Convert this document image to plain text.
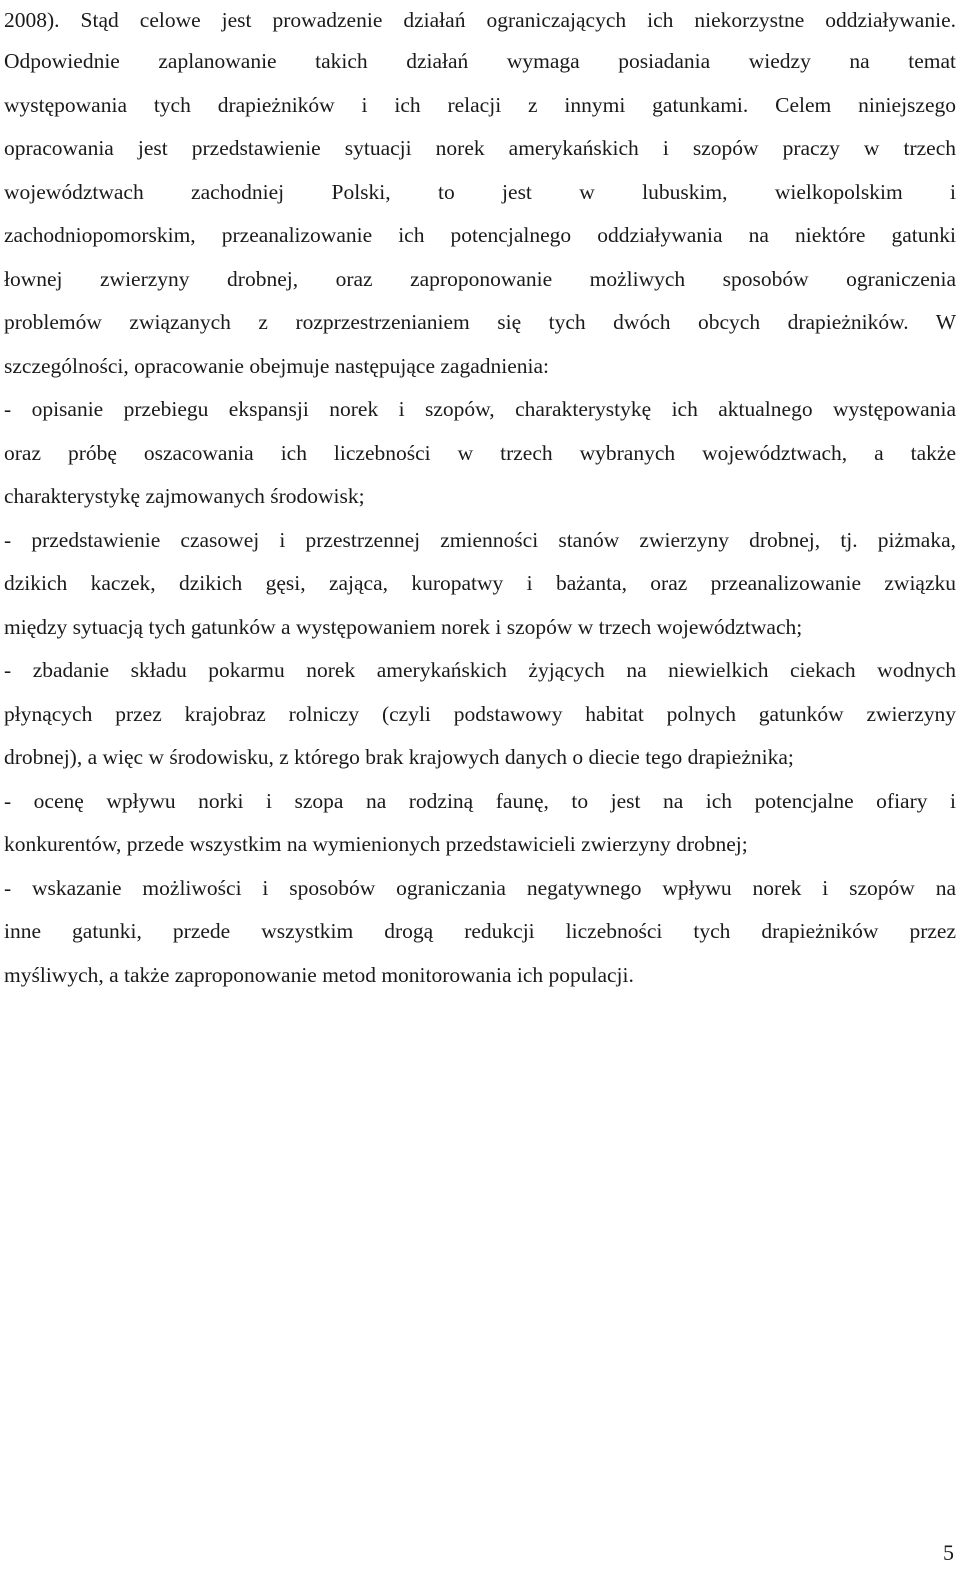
2008). Stąd celowe jest prowadzenie działań ograniczających ich niekorzystne oddziaływanie.
Odpowiednie zaplanowanie takich działań wymaga posiadania wiedzy na temat
występowania tych drapieżników i ich relacji z innymi gatunkami. Celem niniejszego
opracowania jest przedstawienie sytuacji norek amerykańskich i szopów praczy w trzech
województwach zachodniej Polski, to jest w lubuskim, wielkopolskim i
zachodniopomorskim, przeanalizowanie ich potencjalnego oddziaływania na niektóre gatunki
łownej zwierzyny drobnej, oraz zaproponowanie możliwych sposobów ograniczenia
problemów związanych z rozprzestrzenianiem się tych dwóch obcych drapieżników. W
szczególności, opracowanie obejmuje następujące zagadnienia:
- opisanie przebiegu ekspansji norek i szopów, charakterystykę ich aktualnego występowania
oraz próbę oszacowania ich liczebności w trzech wybranych województwach, a także
charakterystykę zajmowanych środowisk;
- przedstawienie czasowej i przestrzennej zmienności stanów zwierzyny drobnej, tj. piżmaka,
dzikich kaczek, dzikich gęsi, zająca, kuropatwy i bażanta, oraz przeanalizowanie związku
między sytuacją tych gatunków a występowaniem norek i szopów w trzech województwach;
- zbadanie składu pokarmu norek amerykańskich żyjących na niewielkich ciekach wodnych
płynących przez krajobraz rolniczy (czyli podstawowy habitat polnych gatunków zwierzyny
drobnej), a więc w środowisku, z którego brak krajowych danych o diecie tego drapieżnika;
- ocenę wpływu norki i szopa na rodziną faunę, to jest na ich potencjalne ofiary i
konkurentów, przede wszystkim na wymienionych przedstawicieli zwierzyny drobnej;
- wskazanie możliwości i sposobów ograniczania negatywnego wpływu norek i szopów na
inne gatunki, przede wszystkim drogą redukcji liczebności tych drapieżników przez
myśliwych, a także zaproponowanie metod monitorowania ich populacji.
5
